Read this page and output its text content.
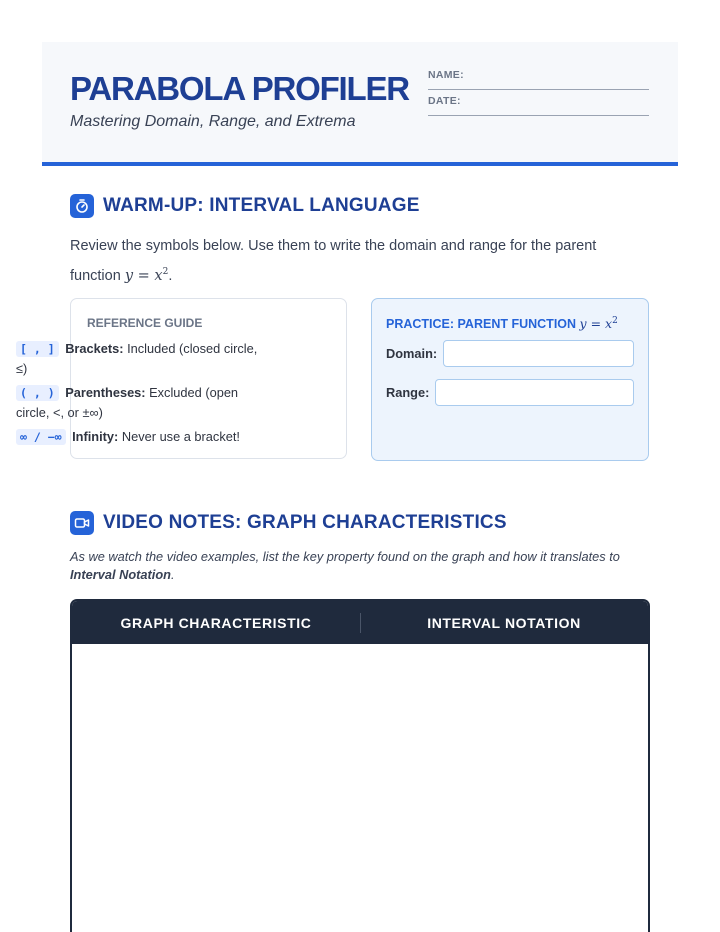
PARABOLA PROFILER
Mastering Domain, Range, and Extrema
NAME:
DATE:
WARM-UP: INTERVAL LANGUAGE
Review the symbols below. Use them to write the domain and range for the parent function $y = x^2$.
REFERENCE GUIDE
[ , ] Brackets: Included (closed circle, ≤)
( , ) Parentheses: Excluded (open circle, <, or ±∞)
∞ / −∞ Infinity: Never use a bracket!
PRACTICE: PARENT FUNCTION $y = x^2$
Domain:
Range:
VIDEO NOTES: GRAPH CHARACTERISTICS
As we watch the video examples, list the key property found on the graph and how it translates to Interval Notation.
GRAPH CHARACTERISTIC	INTERVAL NOTATION
